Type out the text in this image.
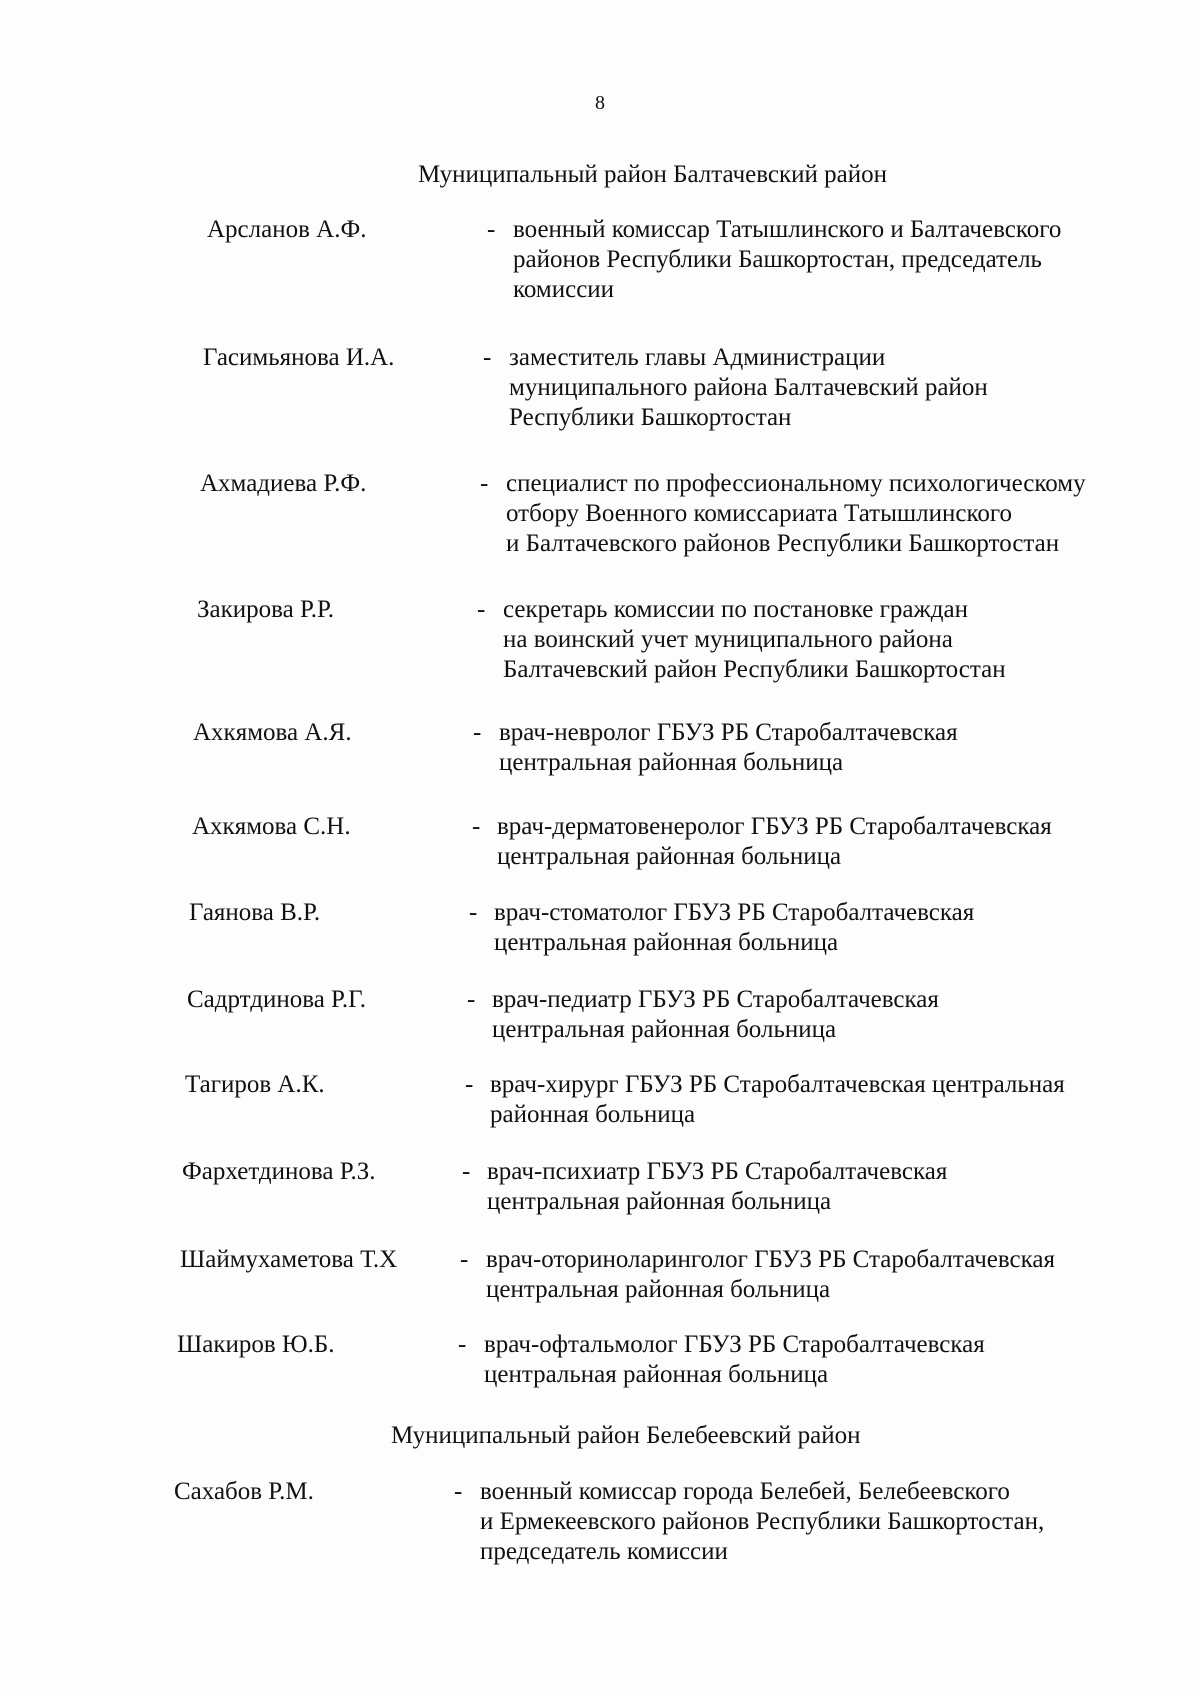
8
Муниципальный район Балтачевский район
Арсланов А.Ф.	- военный комиссар Татышлинского и Балтачевского
районов Республики Башкортостан, председатель
комиссии
Гасимьянова И.А.	- заместитель главы Администрации
муниципального района Балтачевский район
Республики Башкортостан
Ахмадиева Р.Ф.	- специалист по профессиональному психологическому
отбору Военного комиссариата Татышлинского
и Балтачевского районов Республики Башкортостан
Закирова Р.Р.	- секретарь комиссии по постановке граждан
на воинский учет муниципального района
Балтачевский район Республики Башкортостан
Ахкямова А.Я.	- врач-невролог ГБУЗ РБ Старобалтачевская
центральная районная больница
Ахкямова С.Н.	- врач-дерматовенеролог ГБУЗ РБ Старобалтачевская
центральная районная больница
Гаянова В.Р.	- врач-стоматолог ГБУЗ РБ Старобалтачевская
центральная районная больница
Садртдинова Р.Г.	- врач-педиатр ГБУЗ РБ Старобалтачевская
центральная районная больница
Тагиров А.К.	- врач-хирург ГБУЗ РБ Старобалтачевская центральная
районная больница
Фархетдинова Р.З.	- врач-психиатр ГБУЗ РБ Старобалтачевская
центральная районная больница
Шаймухаметова Т.Х	- врач-оториноларинголог ГБУЗ РБ Старобалтачевская
центральная районная больница
Шакиров Ю.Б.	- врач-офтальмолог ГБУЗ РБ Старобалтачевская
центральная районная больница
Муниципальный район Белебеевский район
Сахабов Р.М.	- военный комиссар города Белебей, Белебеевского
и Ермекеевского районов Республики Башкортостан,
председатель комиссии
